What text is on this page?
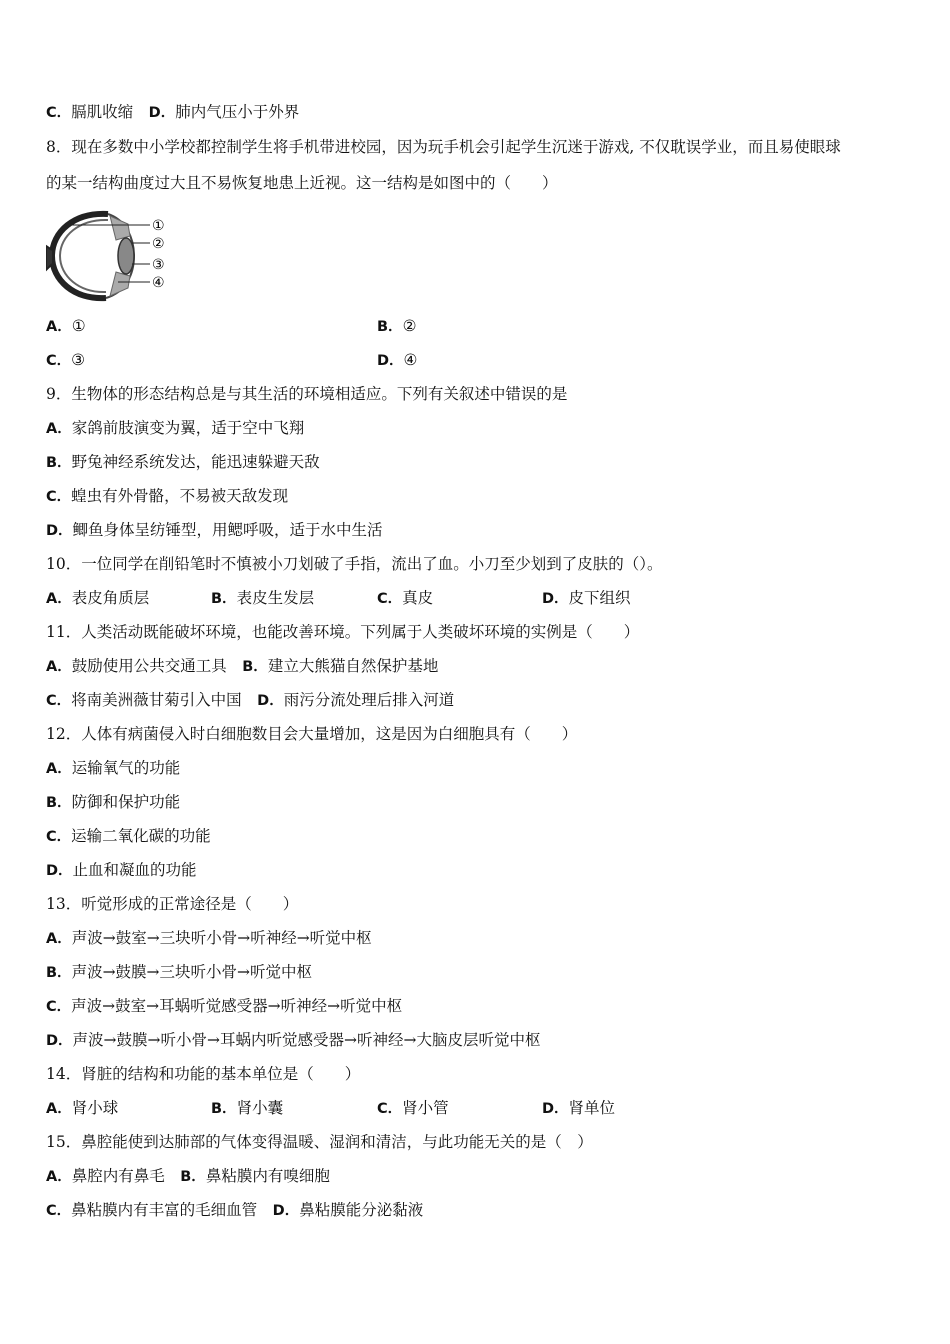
C．膈肌收缩　D．肺内气压小于外界
8．现在多数中小学校都控制学生将手机带进校园，因为玩手机会引起学生沉迷于游戏, 不仅耽误学业，而且易使眼球
的某一结构曲度过大且不易恢复地患上近视。这一结构是如图中的（　　）
①
②
③
④
A．①	B．②
C．③	D．④
9．生物体的形态结构总是与其生活的环境相适应。下列有关叙述中错误的是
A．家鸽前肢演变为翼，适于空中飞翔
B．野兔神经系统发达，能迅速躲避天敌
C．蝗虫有外骨骼，不易被天敌发现
D．鲫鱼身体呈纺锤型，用鳃呼吸，适于水中生活
10．一位同学在削铅笔时不慎被小刀划破了手指，流出了血。小刀至少划到了皮肤的（）。
A．表皮角质层	B．表皮生发层	C．真皮	D．皮下组织
11．人类活动既能破坏环境，也能改善环境。下列属于人类破坏环境的实例是（　　）
A．鼓励使用公共交通工具　B．建立大熊猫自然保护基地
C．将南美洲薇甘菊引入中国　D．雨污分流处理后排入河道
12．人体有病菌侵入时白细胞数目会大量增加，这是因为白细胞具有（　　）
A．运输氧气的功能
B．防御和保护功能
C．运输二氧化碳的功能
D．止血和凝血的功能
13．听觉形成的正常途径是（　　）
A．声波→鼓室→三块听小骨→听神经→听觉中枢
B．声波→鼓膜→三块听小骨→听觉中枢
C．声波→鼓室→耳蜗听觉感受器→听神经→听觉中枢
D．声波→鼓膜→听小骨→耳蜗内听觉感受器→听神经→大脑皮层听觉中枢
14．肾脏的结构和功能的基本单位是（　　）
A．肾小球	B．肾小囊	C．肾小管	D．肾单位
15．鼻腔能使到达肺部的气体变得温暖、湿润和清洁，与此功能无关的是（　）
A．鼻腔内有鼻毛　B．鼻粘膜内有嗅细胞
C．鼻粘膜内有丰富的毛细血管　D．鼻粘膜能分泌黏液
